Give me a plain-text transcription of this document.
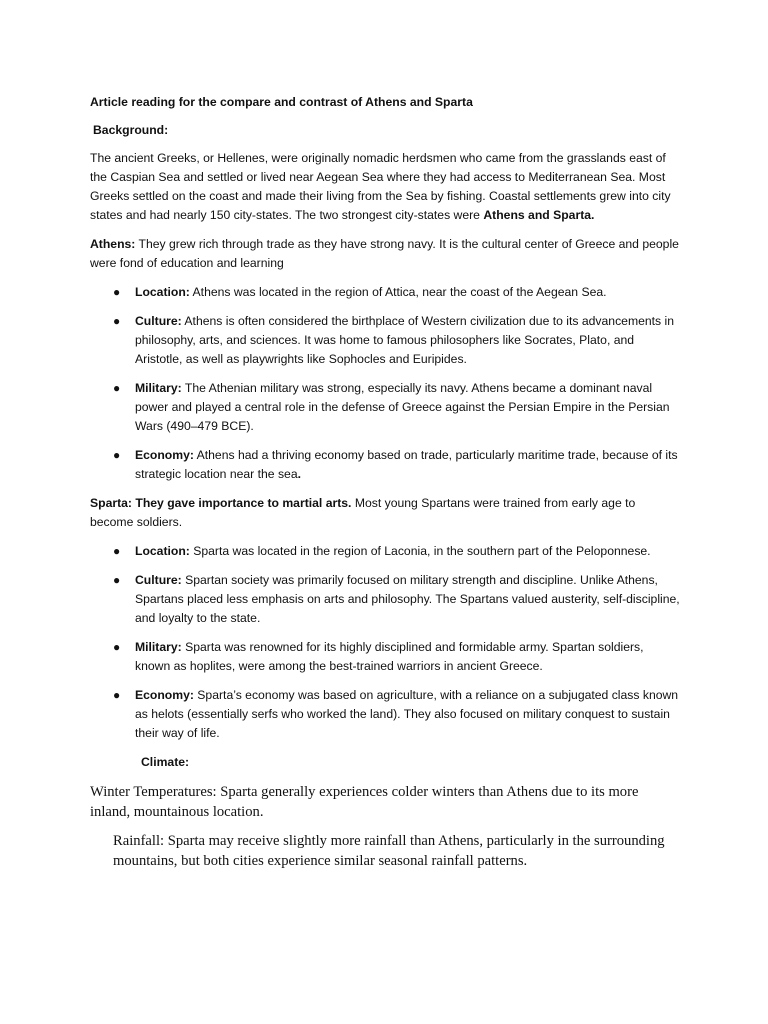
Article reading for the compare and contrast of Athens and Sparta

Background:

The ancient Greeks, or Hellenes, were originally nomadic herdsmen who came from the grasslands east of the Caspian Sea and settled or lived near Aegean Sea where they had access to Mediterranean Sea. Most Greeks settled on the coast and made their living from the Sea by fishing. Coastal settlements grew into city states and had nearly 150 city-states. The two strongest city-states were Athens and Sparta.

Athens: They grew rich through trade as they have strong navy. It is the cultural center of Greece and people were fond of education and learning

● Location: Athens was located in the region of Attica, near the coast of the Aegean Sea.
● Culture: Athens is often considered the birthplace of Western civilization due to its advancements in philosophy, arts, and sciences. It was home to famous philosophers like Socrates, Plato, and Aristotle, as well as playwrights like Sophocles and Euripides.
● Military: The Athenian military was strong, especially its navy. Athens became a dominant naval power and played a central role in the defense of Greece against the Persian Empire in the Persian Wars (490–479 BCE).
● Economy: Athens had a thriving economy based on trade, particularly maritime trade, because of its strategic location near the sea.

Sparta: They gave importance to martial arts. Most young Spartans were trained from early age to become soldiers.

● Location: Sparta was located in the region of Laconia, in the southern part of the Peloponnese.
● Culture: Spartan society was primarily focused on military strength and discipline. Unlike Athens, Spartans placed less emphasis on arts and philosophy. The Spartans valued austerity, self-discipline, and loyalty to the state.
● Military: Sparta was renowned for its highly disciplined and formidable army. Spartan soldiers, known as hoplites, were among the best-trained warriors in ancient Greece.
● Economy: Sparta’s economy was based on agriculture, with a reliance on a subjugated class known as helots (essentially serfs who worked the land). They also focused on military conquest to sustain their way of life.

Climate:

Winter Temperatures: Sparta generally experiences colder winters than Athens due to its more inland, mountainous location.

Rainfall: Sparta may receive slightly more rainfall than Athens, particularly in the surrounding mountains, but both cities experience similar seasonal rainfall patterns.
